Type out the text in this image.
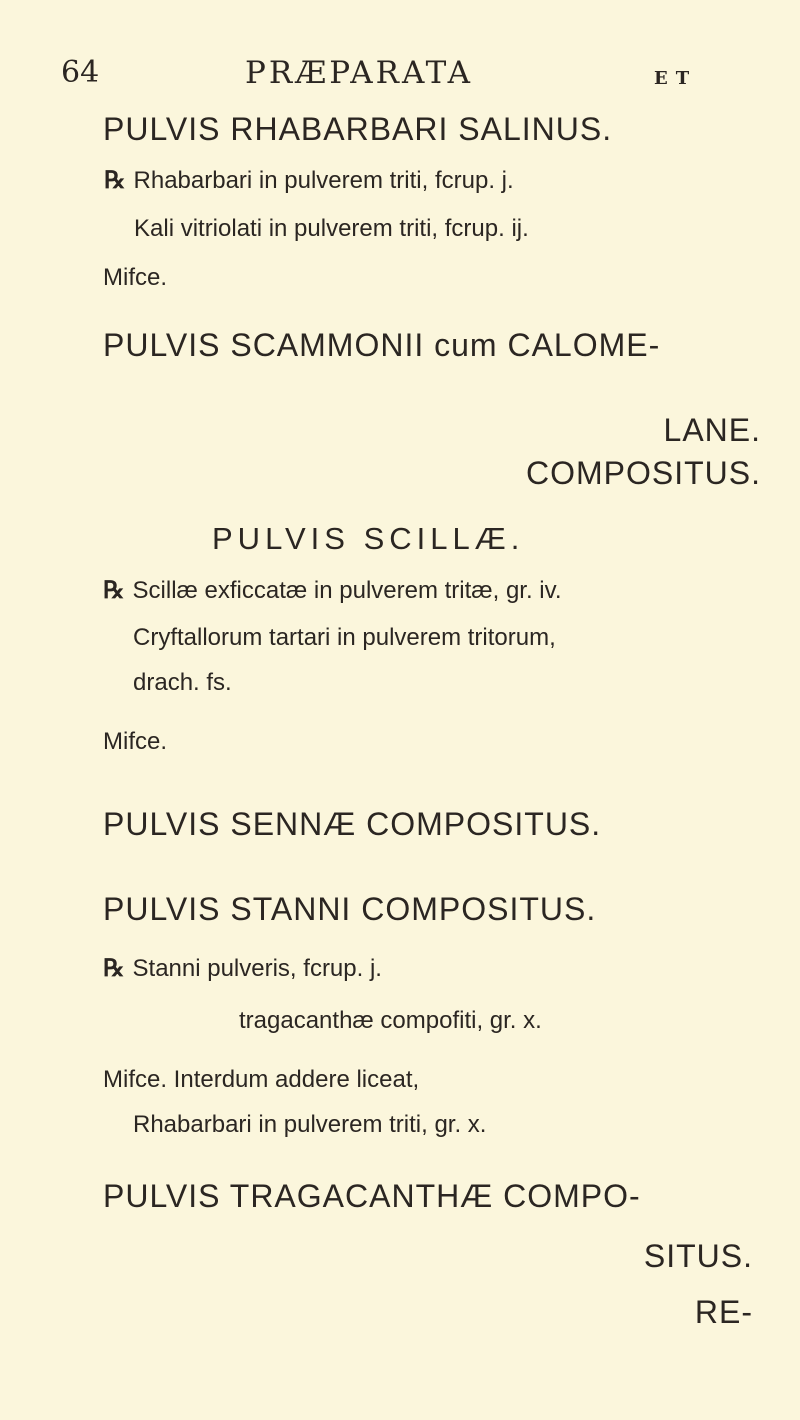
64	PRÆPARATA	ET
PULVIS RHABARBARI SALINUS.
℞ Rhabarbari in pulverem triti, fcrup. j.
Kali vitriolati in pulverem triti, fcrup. ij.
Mifce.
PULVIS SCAMMONII cum CALOME-
LANE.
COMPOSITUS.
PULVIS SCILLÆ.
℞ Scillæ exficcatæ in pulverem tritæ, gr. iv.
Cryftallorum tartari in pulverem tritorum,
drach. fs.
Mifce.
PULVIS SENNÆ COMPOSITUS.
PULVIS STANNI COMPOSITUS.
℞ Stanni pulveris, fcrup. j.
tragacanthæ compofiti, gr. x.
Mifce. Interdum addere liceat,
Rhabarbari in pulverem triti, gr. x.
PULVIS TRAGACANTHÆ COMPO-
SITUS.
RE-
